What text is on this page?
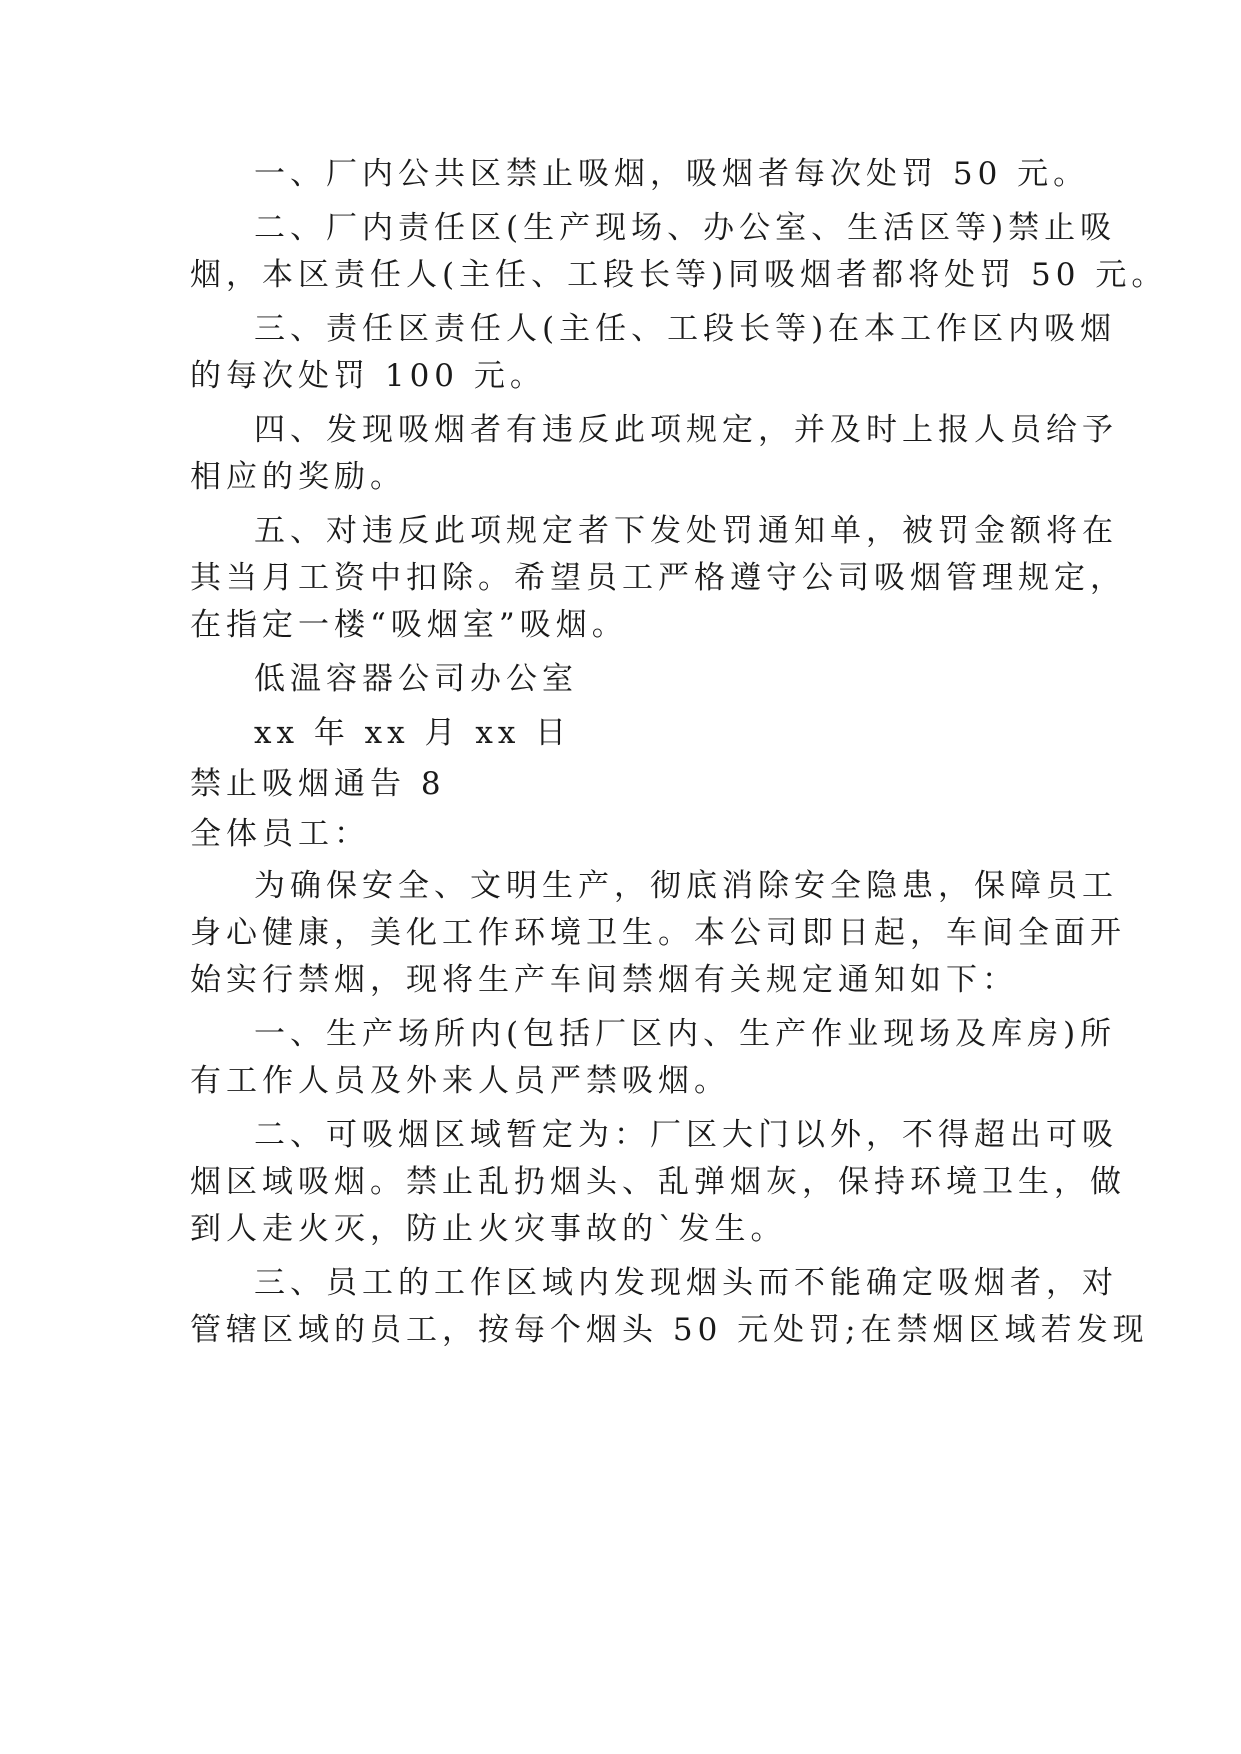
一、厂内公共区禁止吸烟，吸烟者每次处罚 50 元。
二、厂内责任区(生产现场、办公室、生活区等)禁止吸
烟，本区责任人(主任、工段长等)同吸烟者都将处罚 50 元。
三、责任区责任人(主任、工段长等)在本工作区内吸烟
的每次处罚 100 元。
四、发现吸烟者有违反此项规定，并及时上报人员给予
相应的奖励。
五、对违反此项规定者下发处罚通知单，被罚金额将在
其当月工资中扣除。希望员工严格遵守公司吸烟管理规定，
在指定一楼“吸烟室”吸烟。
低温容器公司办公室
xx 年 xx 月 xx 日
禁止吸烟通告 8
全体员工：
为确保安全、文明生产，彻底消除安全隐患，保障员工
身心健康，美化工作环境卫生。本公司即日起，车间全面开
始实行禁烟，现将生产车间禁烟有关规定通知如下：
一、生产场所内(包括厂区内、生产作业现场及库房)所
有工作人员及外来人员严禁吸烟。
二、可吸烟区域暂定为：厂区大门以外，不得超出可吸
烟区域吸烟。禁止乱扔烟头、乱弹烟灰，保持环境卫生，做
到人走火灭，防止火灾事故的`发生。
三、员工的工作区域内发现烟头而不能确定吸烟者，对
管辖区域的员工，按每个烟头 50 元处罚;在禁烟区域若发现
